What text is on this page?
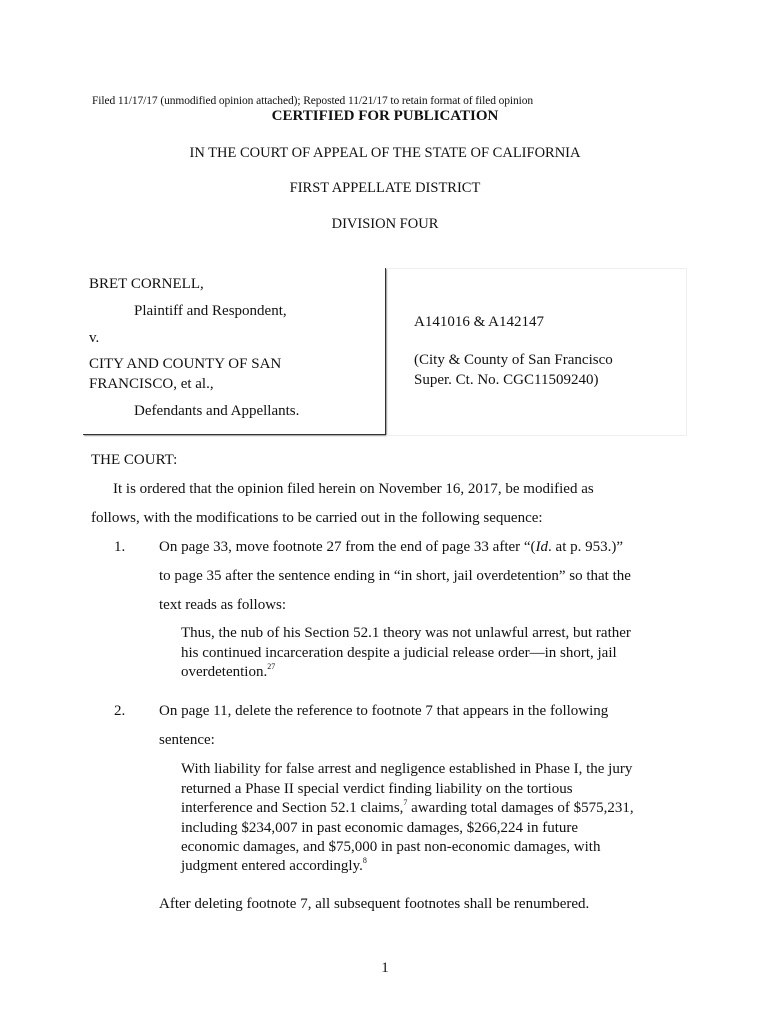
Filed 11/17/17 (unmodified opinion attached); Reposted 11/21/17 to retain format of filed opinion
CERTIFIED FOR PUBLICATION
IN THE COURT OF APPEAL OF THE STATE OF CALIFORNIA
FIRST APPELLATE DISTRICT
DIVISION FOUR
BRET CORNELL,
Plaintiff and Respondent,
v.
CITY AND COUNTY OF SAN
FRANCISCO, et al.,
Defendants and Appellants.
A141016 & A142147
(City & County of San Francisco
Super. Ct. No. CGC11509240)
THE COURT:
It is ordered that the opinion filed herein on November 16, 2017, be modified as
follows, with the modifications to be carried out in the following sequence:
1. On page 33, move footnote 27 from the end of page 33 after “(Id. at p. 953.)”
to page 35 after the sentence ending in “in short, jail overdetention” so that the
text reads as follows:
Thus, the nub of his Section 52.1 theory was not unlawful arrest, but rather
his continued incarceration despite a judicial release order—in short, jail
overdetention.$^{27}$
2. On page 11, delete the reference to footnote 7 that appears in the following
sentence:
With liability for false arrest and negligence established in Phase I, the jury
returned a Phase II special verdict finding liability on the tortious
interference and Section 52.1 claims,$^7$ awarding total damages of $575,231,
including $234,007 in past economic damages, $266,224 in future
economic damages, and $75,000 in past non-economic damages, with
judgment entered accordingly.$^8$
After deleting footnote 7, all subsequent footnotes shall be renumbered.
1
